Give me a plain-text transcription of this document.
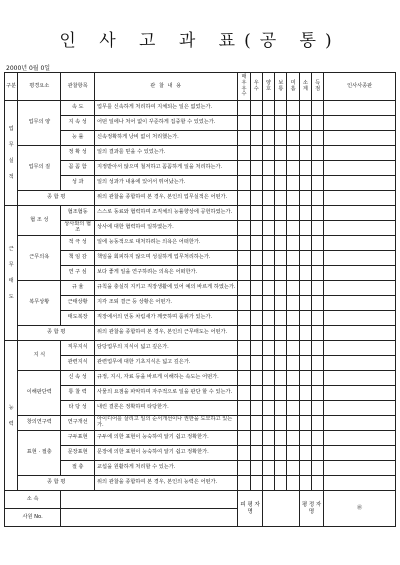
인 사 고 과 표(공 통)
2000년 0월 0일
구분	평경요소	관찰항목	관 찰 내 용	매우우수	우수	양호	보통	미흡	소계	득점	인사사종판

업
무
실
적	업무의 양	속 도	업무를 신속하게 처리하여 지체되는 일은 없었는가.								
		지 속 성	어떤 일에나 처어 없이 꾸준하게 집중할 수 있었는가.								
		능 률	신속정확하게 낭비 없이 처리했는가.								
	업무의 질	정 확 성	일의 결과를 믿을 수 있었는가.								
		꼼 꼼 함	지정받아서 않으며 철저하고 꼼꼼하게 일을 처리하는가.								
		성 과	일의 성과가 내용에 있어서 뛰어났는가.								
	종 합 평		위의 관찰을 종합하여 본 경우, 본인의 업무실적은 어떤가.								

근
무
태
도	협 조 성	협조협동	스스로 동료와 협력하며 조직체의 능률향상에 공헌하였는가.								
		상사와의 협 조	상사에 대한 협력하여 일하였는가.								
	근무의욕	적 극 성	일에 능동적으로 대처하려는 의욕은 어떠한가.								
		책 임 감	책임을 회피하지 않으며 성실하게 업무처리하는가.								
		연 구 심	보다 좋게 일을 연구하려는 의욕은 어떠한가.								
	복무상황	규 율	규칙을 충실히 지키고 직장생활에 있어 예의 바르게 하였는가.								
		근태상황	지각 조퇴 결근 등 상황은 어떤가.								
		태도복장	직장에서의 언동 차림새가 깨끗하며 품위가 있는가.								
	종 합 평		위의 관찰을 종합하여 본 경우, 본인의 근무태도는 어떤가.								

능
력	지 식	직무지식	담당업무의 지식이 넓고 깊은가.								
		관련지식	관련업무에 대한 기초지식은 넓고 깊은가.								
	이해판단력	신 속 성	규정, 지시, 자료 등을 바르게 이해하는 속도는 어떤가.								
		통 찰 력	사물의 요점을 파악하며 자주적으로 일을 판단 할 수 있는가.								
		타 당 성	내린 결론은 정확하며 타당한가.								
	창의연구력	연구개선	아이디어를 살리고 일의 순서개선이나 권한을 도모하고 있는가.								
	표현 · 절충	구두표현	구두에 의한 표현이 능숙하여 알기 쉽고 정확한가.								
		문장표현	문장에 의한 표현이 능숙하여 알기 쉽고 정확한가.								
		절 충	교섭을 원활하게 처리할 수 있는가.								
	종 합 평		위의 관찰을 종합하여 본 경우, 본인의 능력은 어떤가.								
소 속				피 평 자 명					평 정 자 명		㊞
사원 No.											
